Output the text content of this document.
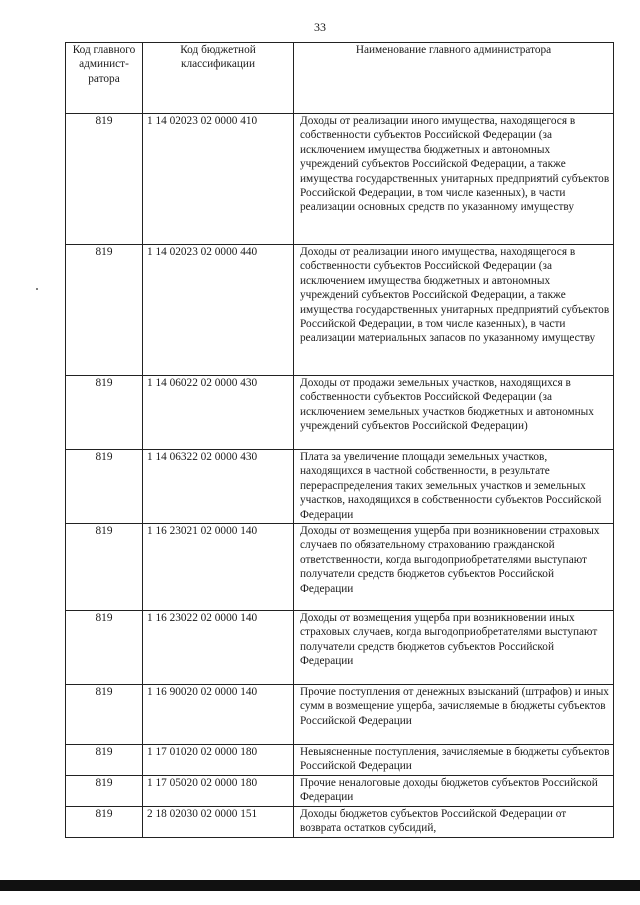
33
Код главного админист-ратора	Код бюджетной классификации	Наименование главного администратора
819	1 14 02023 02 0000 410	Доходы от реализации иного имущества, находящегося в собственности субъектов Российской Федерации (за исключением имущества бюджетных и автономных учреждений субъектов Российской Федерации, а также имущества государственных унитарных предприятий субъектов Российской Федерации, в том числе казенных), в части реализации основных средств по указанному имуществу
819	1 14 02023 02 0000 440	Доходы от реализации иного имущества, находящегося в собственности субъектов Российской Федерации (за исключением имущества бюджетных и автономных учреждений субъектов Российской Федерации, а также имущества государственных унитарных предприятий субъектов Российской Федерации, в том числе казенных), в части реализации материальных запасов по указанному имуществу
819	1 14 06022 02 0000 430	Доходы от продажи земельных участков, находящихся в собственности субъектов Российской Федерации (за исключением земельных участков бюджетных и автономных учреждений субъектов Российской Федерации)
819	1 14 06322 02 0000 430	Плата за увеличение площади земельных участков, находящихся в частной собственности, в результате перераспределения таких земельных участков и земельных участков, находящихся в собственности субъектов Российской Федерации
819	1 16 23021 02 0000 140	Доходы от возмещения ущерба при возникновении страховых случаев по обязательному страхованию гражданской ответственности, когда выгодоприобретателями выступают получатели средств бюджетов субъектов Российской Федерации
819	1 16 23022 02 0000 140	Доходы от возмещения ущерба при возникновении иных страховых случаев, когда выгодоприобретателями выступают получатели средств бюджетов субъектов Российской Федерации
819	1 16 90020 02 0000 140	Прочие поступления от денежных взысканий (штрафов) и иных сумм в возмещение ущерба, зачисляемые в бюджеты субъектов Российской Федерации
819	1 17 01020 02 0000 180	Невыясненные поступления, зачисляемые в бюджеты субъектов Российской Федерации
819	1 17 05020 02 0000 180	Прочие неналоговые доходы бюджетов субъектов Российской Федерации
819	2 18 02030 02 0000 151	Доходы бюджетов субъектов Российской Федерации от возврата остатков субсидий,
